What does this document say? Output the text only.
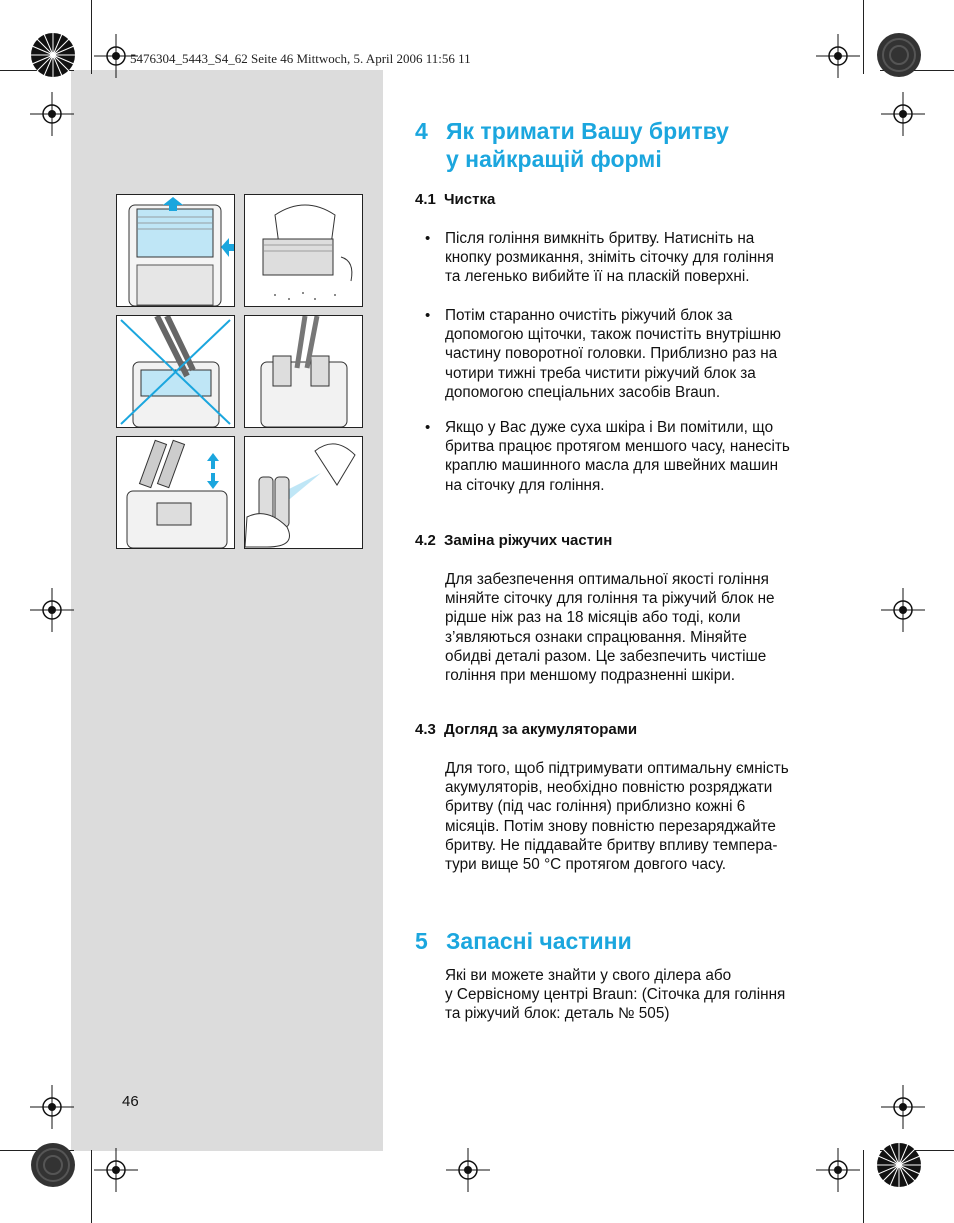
5476304_5443_S4_62 Seite 46 Mittwoch, 5. April 2006 11:56 11
4 Як тримати Вашу бритву
у найкращій формі
4.1 Чистка
• Після гоління вимкніть бритву. Натисніть на
кнопку розмикання, зніміть сіточку для гоління
та легенько вибийте її на пласкій поверхні.

• Потім старанно очистіть ріжучий блок за
допомогою щіточки, також почистіть внутрішню
частину поворотної головки. Приблизно раз на
чотири тижні треба чистити ріжучий блок за
допомогою спеціальних засобів Braun.

• Якщо у Вас дуже суха шкіра і Ви помітили, що
бритва працює протягом меншого часу, нанесіть
краплю машинного масла для швейних машин
на сіточку для гоління.

4.2 Заміна ріжучих частин

Для забезпечення оптимальної якості гоління
міняйте сіточку для гоління та ріжучий блок не
рідше ніж раз на 18 місяців або тоді, коли
з’являються ознаки спрацювання. Міняйте
обидві деталі разом. Це забезпечить чистіше
гоління при меншому подразненні шкіри.

4.3 Догляд за акумуляторами

Для того, щоб підтримувати оптимальну ємність
акумуляторів, необхідно повністю розряджати
бритву (під час гоління) приблизно кожні 6
місяців. Потім знову повністю перезаряджайте
бритву. Не піддавайте бритву впливу темпера-
тури вище 50 °C протягом довгого часу.

5 Запасні частини

Які ви можете знайти у свого ділера або
у Сервісному центрі Braun: (Сіточка для гоління
та ріжучий блок: деталь № 505)

46
